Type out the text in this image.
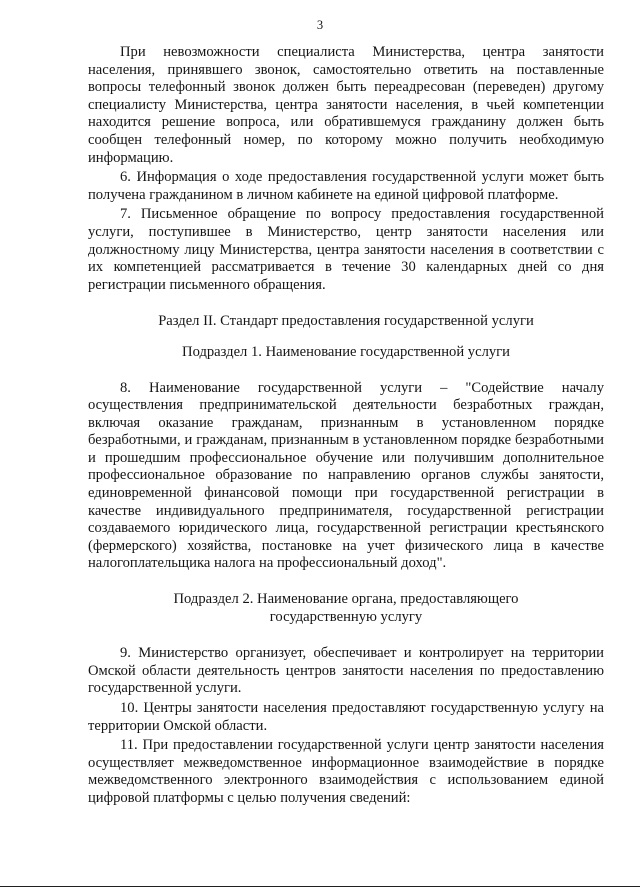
3

При невозможности специалиста Министерства, центра занятости населения, принявшего звонок, самостоятельно ответить на поставленные вопросы телефонный звонок должен быть переадресован (переведен) другому специалисту Министерства, центра занятости населения, в чьей компетенции находится решение вопроса, или обратившемуся гражданину должен быть сообщен телефонный номер, по которому можно получить необходимую информацию.

6. Информация о ходе предоставления государственной услуги может быть получена гражданином в личном кабинете на единой цифровой платформе.

7. Письменное обращение по вопросу предоставления государственной услуги, поступившее в Министерство, центр занятости населения или должностному лицу Министерства, центра занятости населения в соответствии с их компетенцией рассматривается в течение 30 календарных дней со дня регистрации письменного обращения.

Раздел II. Стандарт предоставления государственной услуги

Подраздел 1. Наименование государственной услуги

8. Наименование государственной услуги – "Содействие началу осуществления предпринимательской деятельности безработных граждан, включая оказание гражданам, признанным в установленном порядке безработными, и гражданам, признанным в установленном порядке безработными и прошедшим профессиональное обучение или получившим дополнительное профессиональное образование по направлению органов службы занятости, единовременной финансовой помощи при государственной регистрации в качестве индивидуального предпринимателя, государственной регистрации создаваемого юридического лица, государственной регистрации крестьянского (фермерского) хозяйства, постановке на учет физического лица в качестве налогоплательщика налога на профессиональный доход".

Подраздел 2. Наименование органа, предоставляющего
государственную услугу

9. Министерство организует, обеспечивает и контролирует на территории Омской области деятельность центров занятости населения по предоставлению государственной услуги.

10. Центры занятости населения предоставляют государственную услугу на территории Омской области.

11. При предоставлении государственной услуги центр занятости населения осуществляет межведомственное информационное взаимодействие в порядке межведомственного электронного взаимодействия с использованием единой цифровой платформы с целью получения сведений:
